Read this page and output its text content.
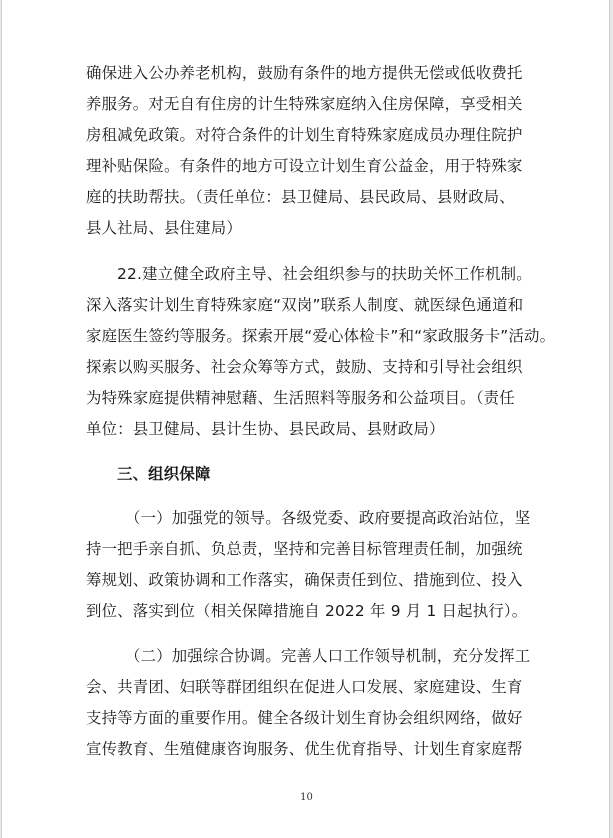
确保进入公办养老机构，鼓励有条件的地方提供无偿或低收费托

养服务。对无自有住房的计生特殊家庭纳入住房保障，享受相关

房租减免政策。对符合条件的计划生育特殊家庭成员办理住院护

理补贴保险。有条件的地方可设立计划生育公益金，用于特殊家

庭的扶助帮扶。（责任单位：县卫健局、县民政局、县财政局、

县人社局、县住建局）

22.建立健全政府主导、社会组织参与的扶助关怀工作机制。

深入落实计划生育特殊家庭“双岗”联系人制度、就医绿色通道和

家庭医生签约等服务。探索开展“爱心体检卡”和“家政服务卡”活动。

探索以购买服务、社会众筹等方式，鼓励、支持和引导社会组织

为特殊家庭提供精神慰藉、生活照料等服务和公益项目。（责任

单位：县卫健局、县计生协、县民政局、县财政局）

三、组织保障

（一）加强党的领导。各级党委、政府要提高政治站位，坚

持一把手亲自抓、负总责，坚持和完善目标管理责任制，加强统

筹规划、政策协调和工作落实，确保责任到位、措施到位、投入

到位、落实到位（相关保障措施自 2022 年 9 月 1 日起执行）。

（二）加强综合协调。完善人口工作领导机制，充分发挥工

会、共青团、妇联等群团组织在促进人口发展、家庭建设、生育

支持等方面的重要作用。健全各级计划生育协会组织网络，做好

宣传教育、生殖健康咨询服务、优生优育指导、计划生育家庭帮

10
